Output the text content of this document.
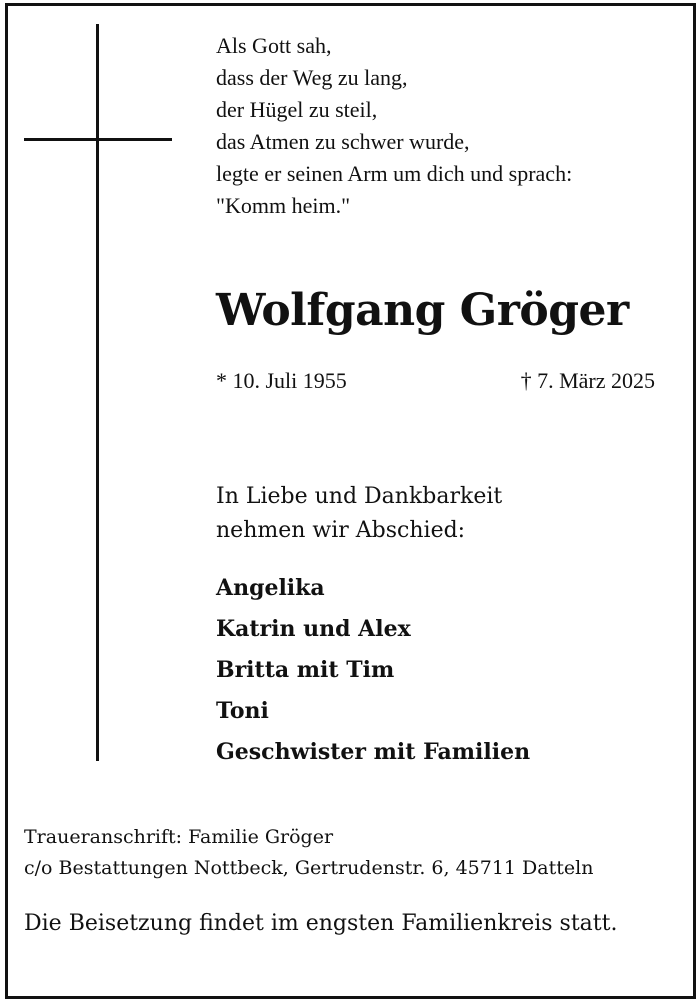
Als Gott sah,
dass der Weg zu lang,
der Hügel zu steil,
das Atmen zu schwer wurde,
legte er seinen Arm um dich und sprach:
"Komm heim."
Wolfgang Gröger
* 10. Juli 1955	† 7. März 2025
In Liebe und Dankbarkeit
nehmen wir Abschied:
Angelika
Katrin und Alex
Britta mit Tim
Toni
Geschwister mit Familien
Traueranschrift: Familie Gröger
c/o Bestattungen Nottbeck, Gertrudenstr. 6, 45711 Datteln
Die Beisetzung findet im engsten Familienkreis statt.
